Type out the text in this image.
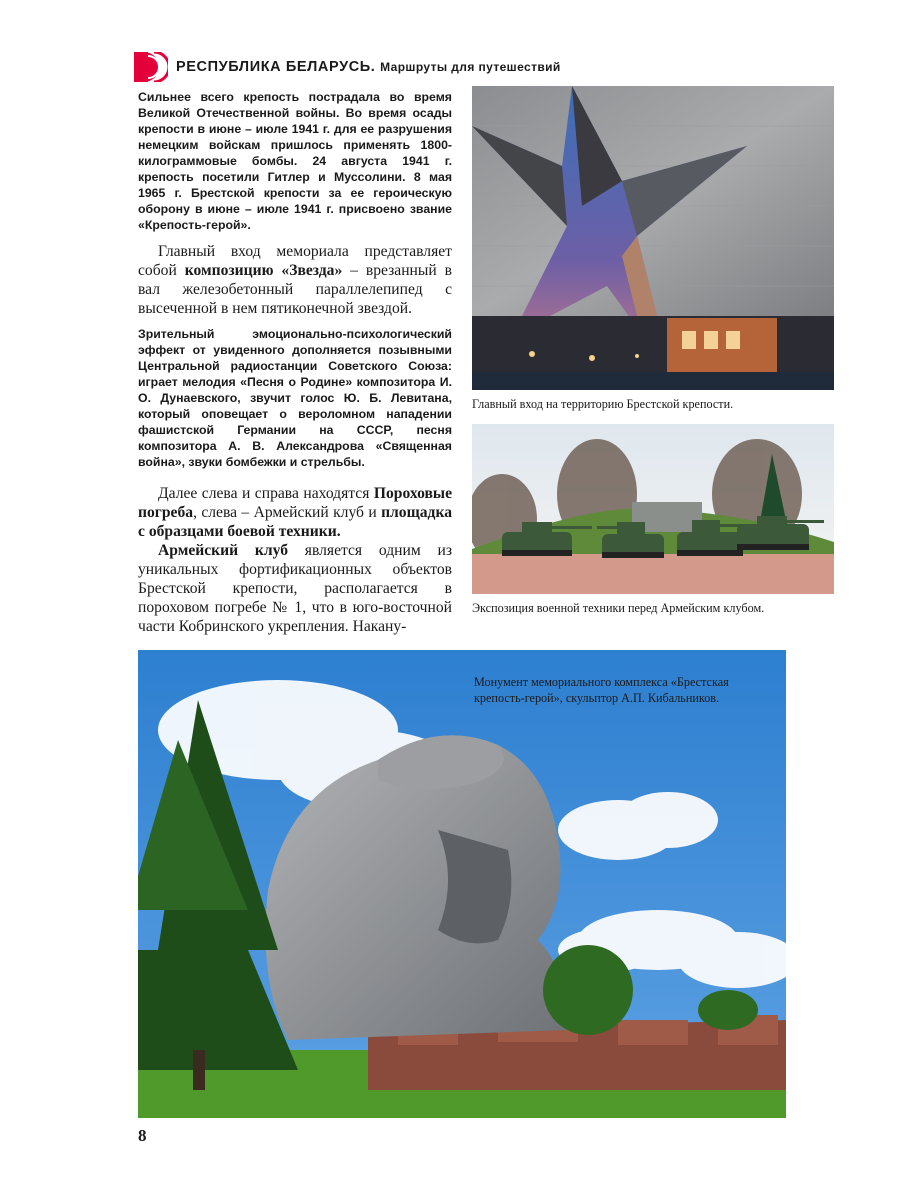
РЕСПУБЛИКА БЕЛАРУСЬ. Маршруты для путешествий

Сильнее всего крепость пострадала во время Великой Отечественной войны. Во время осады крепости в июне – июле 1941 г. для ее разрушения немецким войскам пришлось применять 1800-килограммовые бомбы. 24 августа 1941 г. крепость посетили Гитлер и Муссолини. 8 мая 1965 г. Брестской крепости за ее героическую оборону в июне – июле 1941 г. присвоено звание «Крепость-герой».

Главный вход мемориала представляет собой композицию «Звезда» – врезанный в вал железобетонный параллелепипед с высеченной в нем пятиконечной звездой.

Зрительный эмоционально-психологический эффект от увиденного дополняется позывными Центральной радиостанции Советского Союза: играет мелодия «Песня о Родине» композитора И. О. Дунаевского, звучит голос Ю. Б. Левитана, который оповещает о вероломном нападении фашистской Германии на СССР, песня композитора А. В. Александрова «Священная война», звуки бомбежки и стрельбы.

Далее слева и справа находятся Пороховые погреба, слева – Армейский клуб и площадка с образцами боевой техники.

Армейский клуб является одним из уникальных фортификационных объектов Брестской крепости, располагается в пороховом погребе № 1, что в юго-восточной части Кобринского укрепления. Накану-

Главный вход на территорию Брестской крепости.
Экспозиция военной техники перед Армейским клубом.
Монумент мемориального комплекса «Брестская крепость-герой», скульптор А.П. Кибальников.
8
